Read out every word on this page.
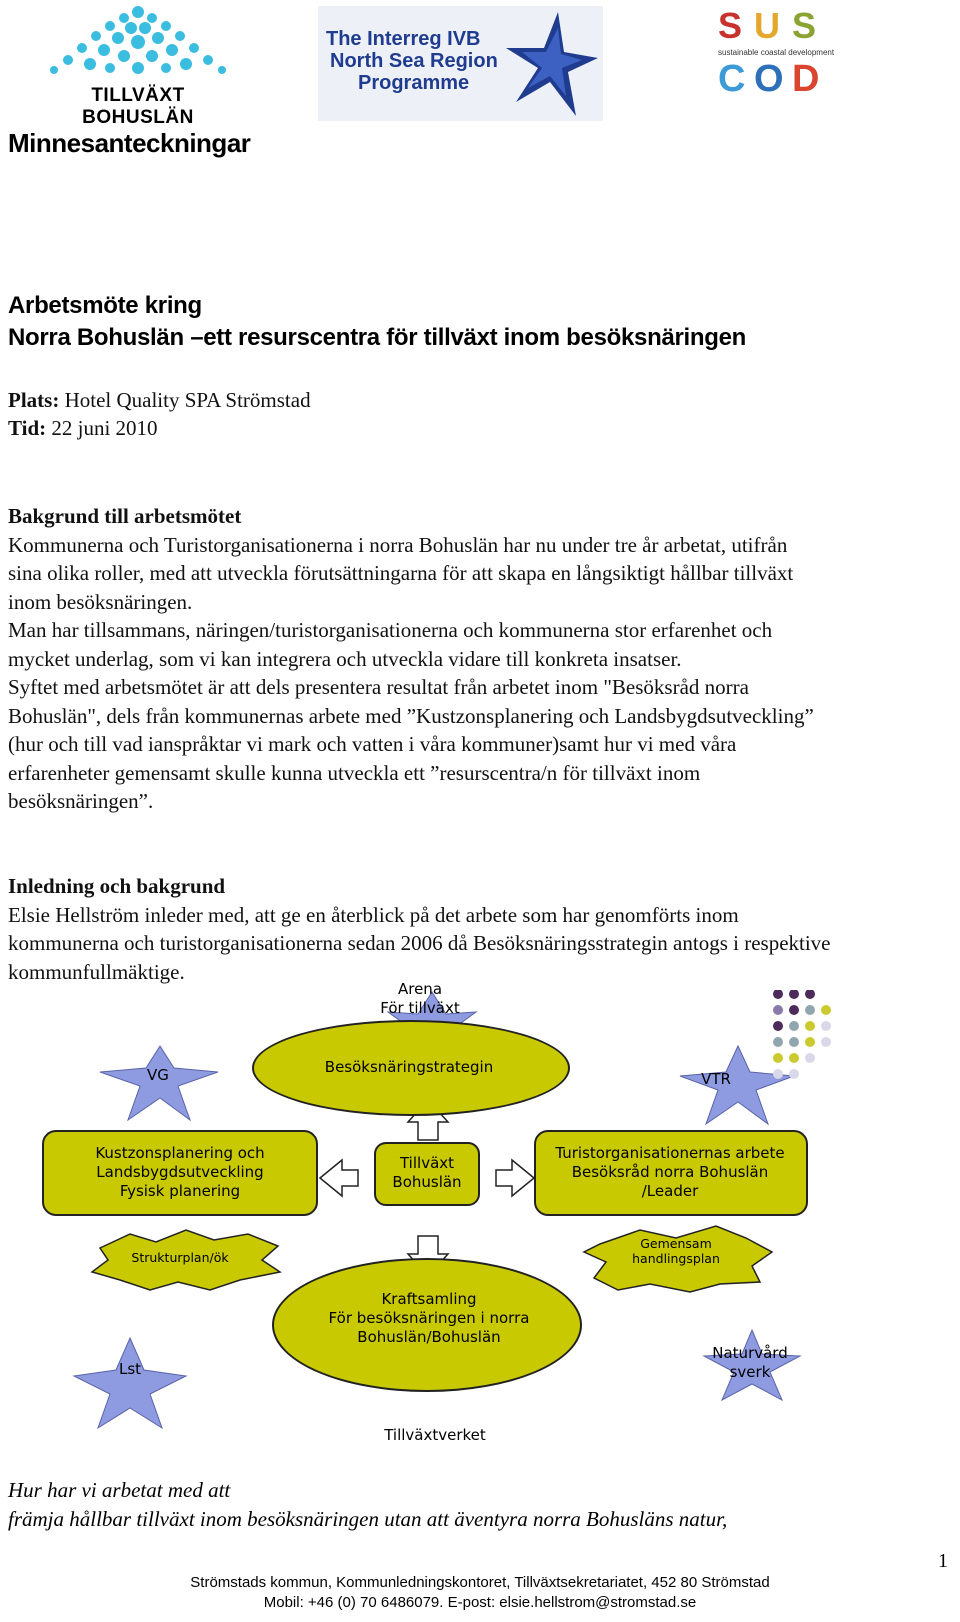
TILLVÄXT BOHUSLÄN
The Interreg IVB
North Sea Region
Programme
S U S
sustainable coastal development
C O D
Minnesanteckningar
Arbetsmöte kring
Norra Bohuslän –ett resurscentra för tillväxt inom besöksnäringen
Plats: Hotel Quality SPA Strömstad
Tid: 22 juni 2010
Bakgrund till arbetsmötet
Kommunerna och Turistorganisationerna i norra Bohuslän har nu under tre år arbetat, utifrån
sina olika roller, med att utveckla förutsättningarna för att skapa en långsiktigt hållbar tillväxt
inom besöksnäringen.
Man har tillsammans, näringen/turistorganisationerna och kommunerna stor erfarenhet och
mycket underlag, som vi kan integrera och utveckla vidare till konkreta insatser.
Syftet med arbetsmötet är att dels presentera resultat från arbetet inom "Besöksråd norra
Bohuslän", dels från kommunernas arbete med ”Kustzonsplanering och Landsbygdsutveckling”
(hur och till vad ianspråktar vi mark och vatten i våra kommuner)samt hur vi med våra
erfarenheter gemensamt skulle kunna utveckla ett ”resurscentra/n för tillväxt inom
besöksnäringen”.
Inledning och bakgrund
Elsie Hellström inleder med, att ge en återblick på det arbete som har genomförts inom
kommunerna och turistorganisationerna sedan 2006 då Besöksnäringsstrategin antogs i respektive
kommunfullmäktige.
Arena
För tillväxt
VG	Besöksnäringstrategin
VTR
Kustzonsplanering och
Landsbygdsutveckling
Fysisk planering
Tillväxt
Bohuslän
Turistorganisationernas arbete
Besöksråd norra Bohuslän
/Leader
Strukturplan/ök
Gemensam
handlingsplan
Kraftsamling
För besöksnäringen i norra
Bohuslän/Bohuslän
Lst
Naturvård
sverk
Tillväxtverket
Hur har vi arbetat med att
främja hållbar tillväxt inom besöksnäringen utan att äventyra norra Bohusläns natur,
1
Strömstads kommun, Kommunledningskontoret, Tillväxtsekretariatet, 452 80 Strömstad
Mobil: +46 (0) 70 6486079. E-post: elsie.hellstrom@stromstad.se
